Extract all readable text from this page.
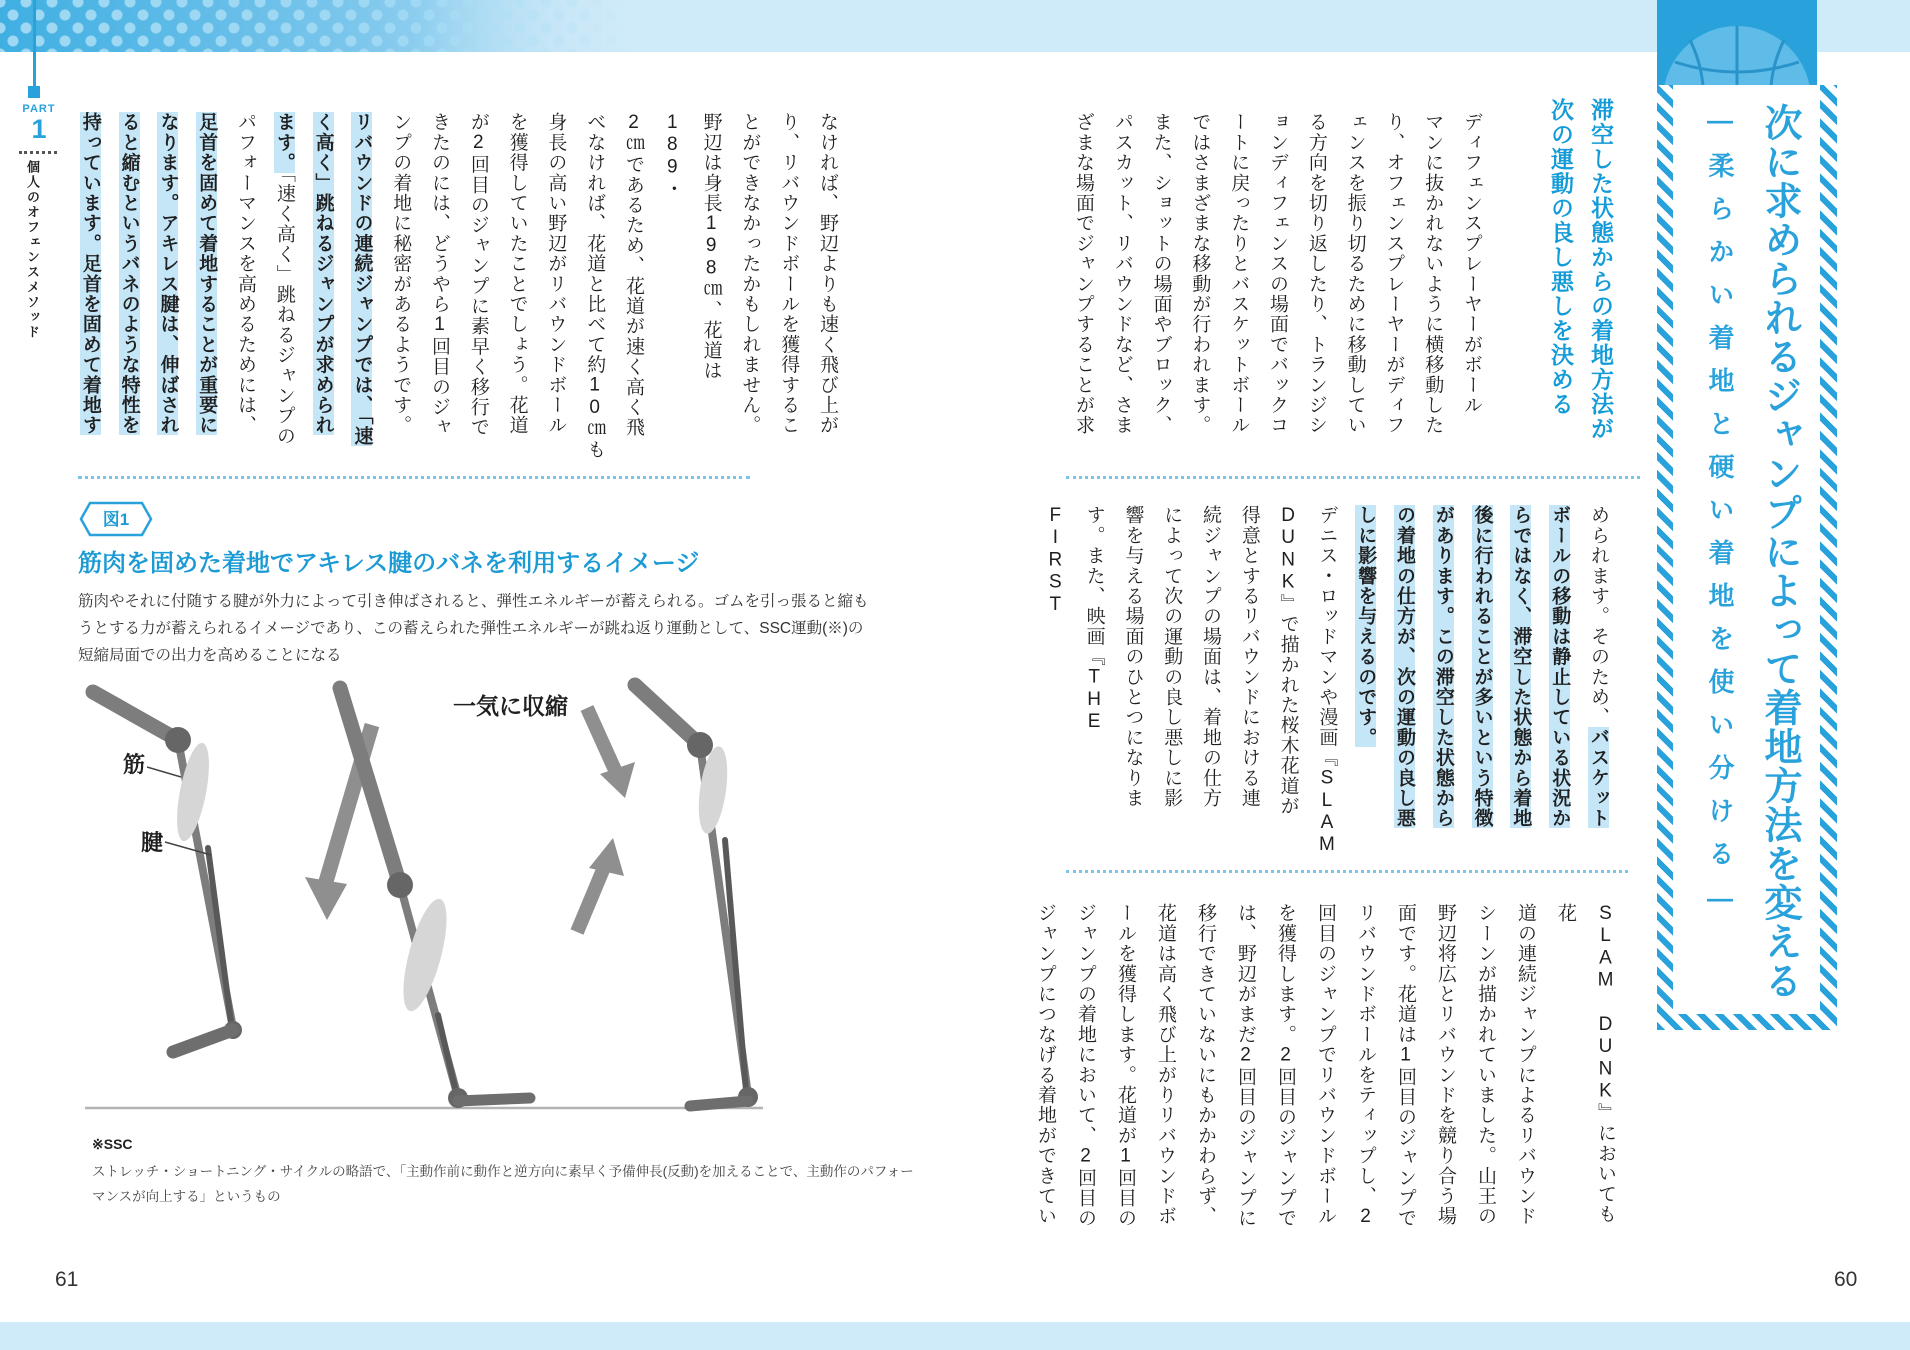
PART
1
個人のオフェンスメソッド	次に求められるジャンプによって着地方法を変える
―柔らかい着地と硬い着地を使い分ける―
滞空した状態からの着地方法が
次の運動の良し悪しを決める
ディフェンスプレーヤーがボール
マンに抜かれないように横移動した
り、オフェンスプレーヤーがディフ
ェンスを振り切るために移動してい
る方向を切り返したり、トランジシ
ョンディフェンスの場面でバックコ
ートに戻ったりとバスケットボール
ではさまざまな移動が行われます。
また、ショットの場面やブロック、
パスカット、リバウンドなど、さま
ざまな場面でジャンプすることが求
められます。そのため、バスケット
ボールの移動は静止している状況か
らではなく、滞空した状態から着地
後に行われることが多いという特徴
があります。この滞空した状態から
の着地の仕方が、次の運動の良し悪
しに影響を与えるのです。
デニス・ロッドマンや漫画『SLAM
DUNK』で描かれた桜木花道が
得意とするリバウンドにおける連
続ジャンプの場面は、着地の仕方
によって次の運動の良し悪しに影
響を与える場面のひとつになりま
す。また、映画『THE FIRST
SLAM DUNK』においても花
道の連続ジャンプによるリバウンド
シーンが描かれていました。山王の
野辺将広とリバウンドを競り合う場
面です。花道は1回目のジャンプで
リバウンドボールをティップし、2
回目のジャンプでリバウンドボール
を獲得します。2回目のジャンプで
は、野辺がまだ2回目のジャンプに
移行できていないにもかかわらず、
花道は高く飛び上がりリバウンドボ
ールを獲得します。花道が1回目の
ジャンプの着地において、2回目の
ジャンプにつなげる着地ができてい
なければ、野辺よりも速く飛び上が
り、リバウンドボールを獲得するこ
とができなかったかもしれません。
野辺は身長198㎝、花道は189・
2㎝であるため、花道が速く高く飛
べなければ、花道と比べて約10㎝も
身長の高い野辺がリバウンドボール
を獲得していたことでしょう。花道
が2回目のジャンプに素早く移行で
きたのには、どうやら1回目のジャ
ンプの着地に秘密があるようです。
リバウンドの連続ジャンプでは、「速
く高く」跳ねるジャンプが求められ
ます。「速く高く」跳ねるジャンプの
パフォーマンスを高めるためには、
足首を固めて着地することが重要に
なります。アキレス腱は、伸ばされ
ると縮むというバネのような特性を
持っています。足首を固めて着地す
図1
筋肉を固めた着地でアキレス腱のバネを利用するイメージ
筋肉やそれに付随する腱が外力によって引き伸ばされると、弾性エネルギーが蓄えられる。ゴムを引っ張ると縮も
うとする力が蓄えられるイメージであり、この蓄えられた弾性エネルギーが跳ね返り運動として、SSC運動(※)の
短縮局面での出力を高めることになる
筋
腱
一気に収縮
※SSC
ストレッチ・ショートニング・サイクルの略語で、「主動作前に動作と逆方向に素早く予備伸長(反動)を加えることで、主動作のパフォー
マンスが向上する」というもの
61	60
